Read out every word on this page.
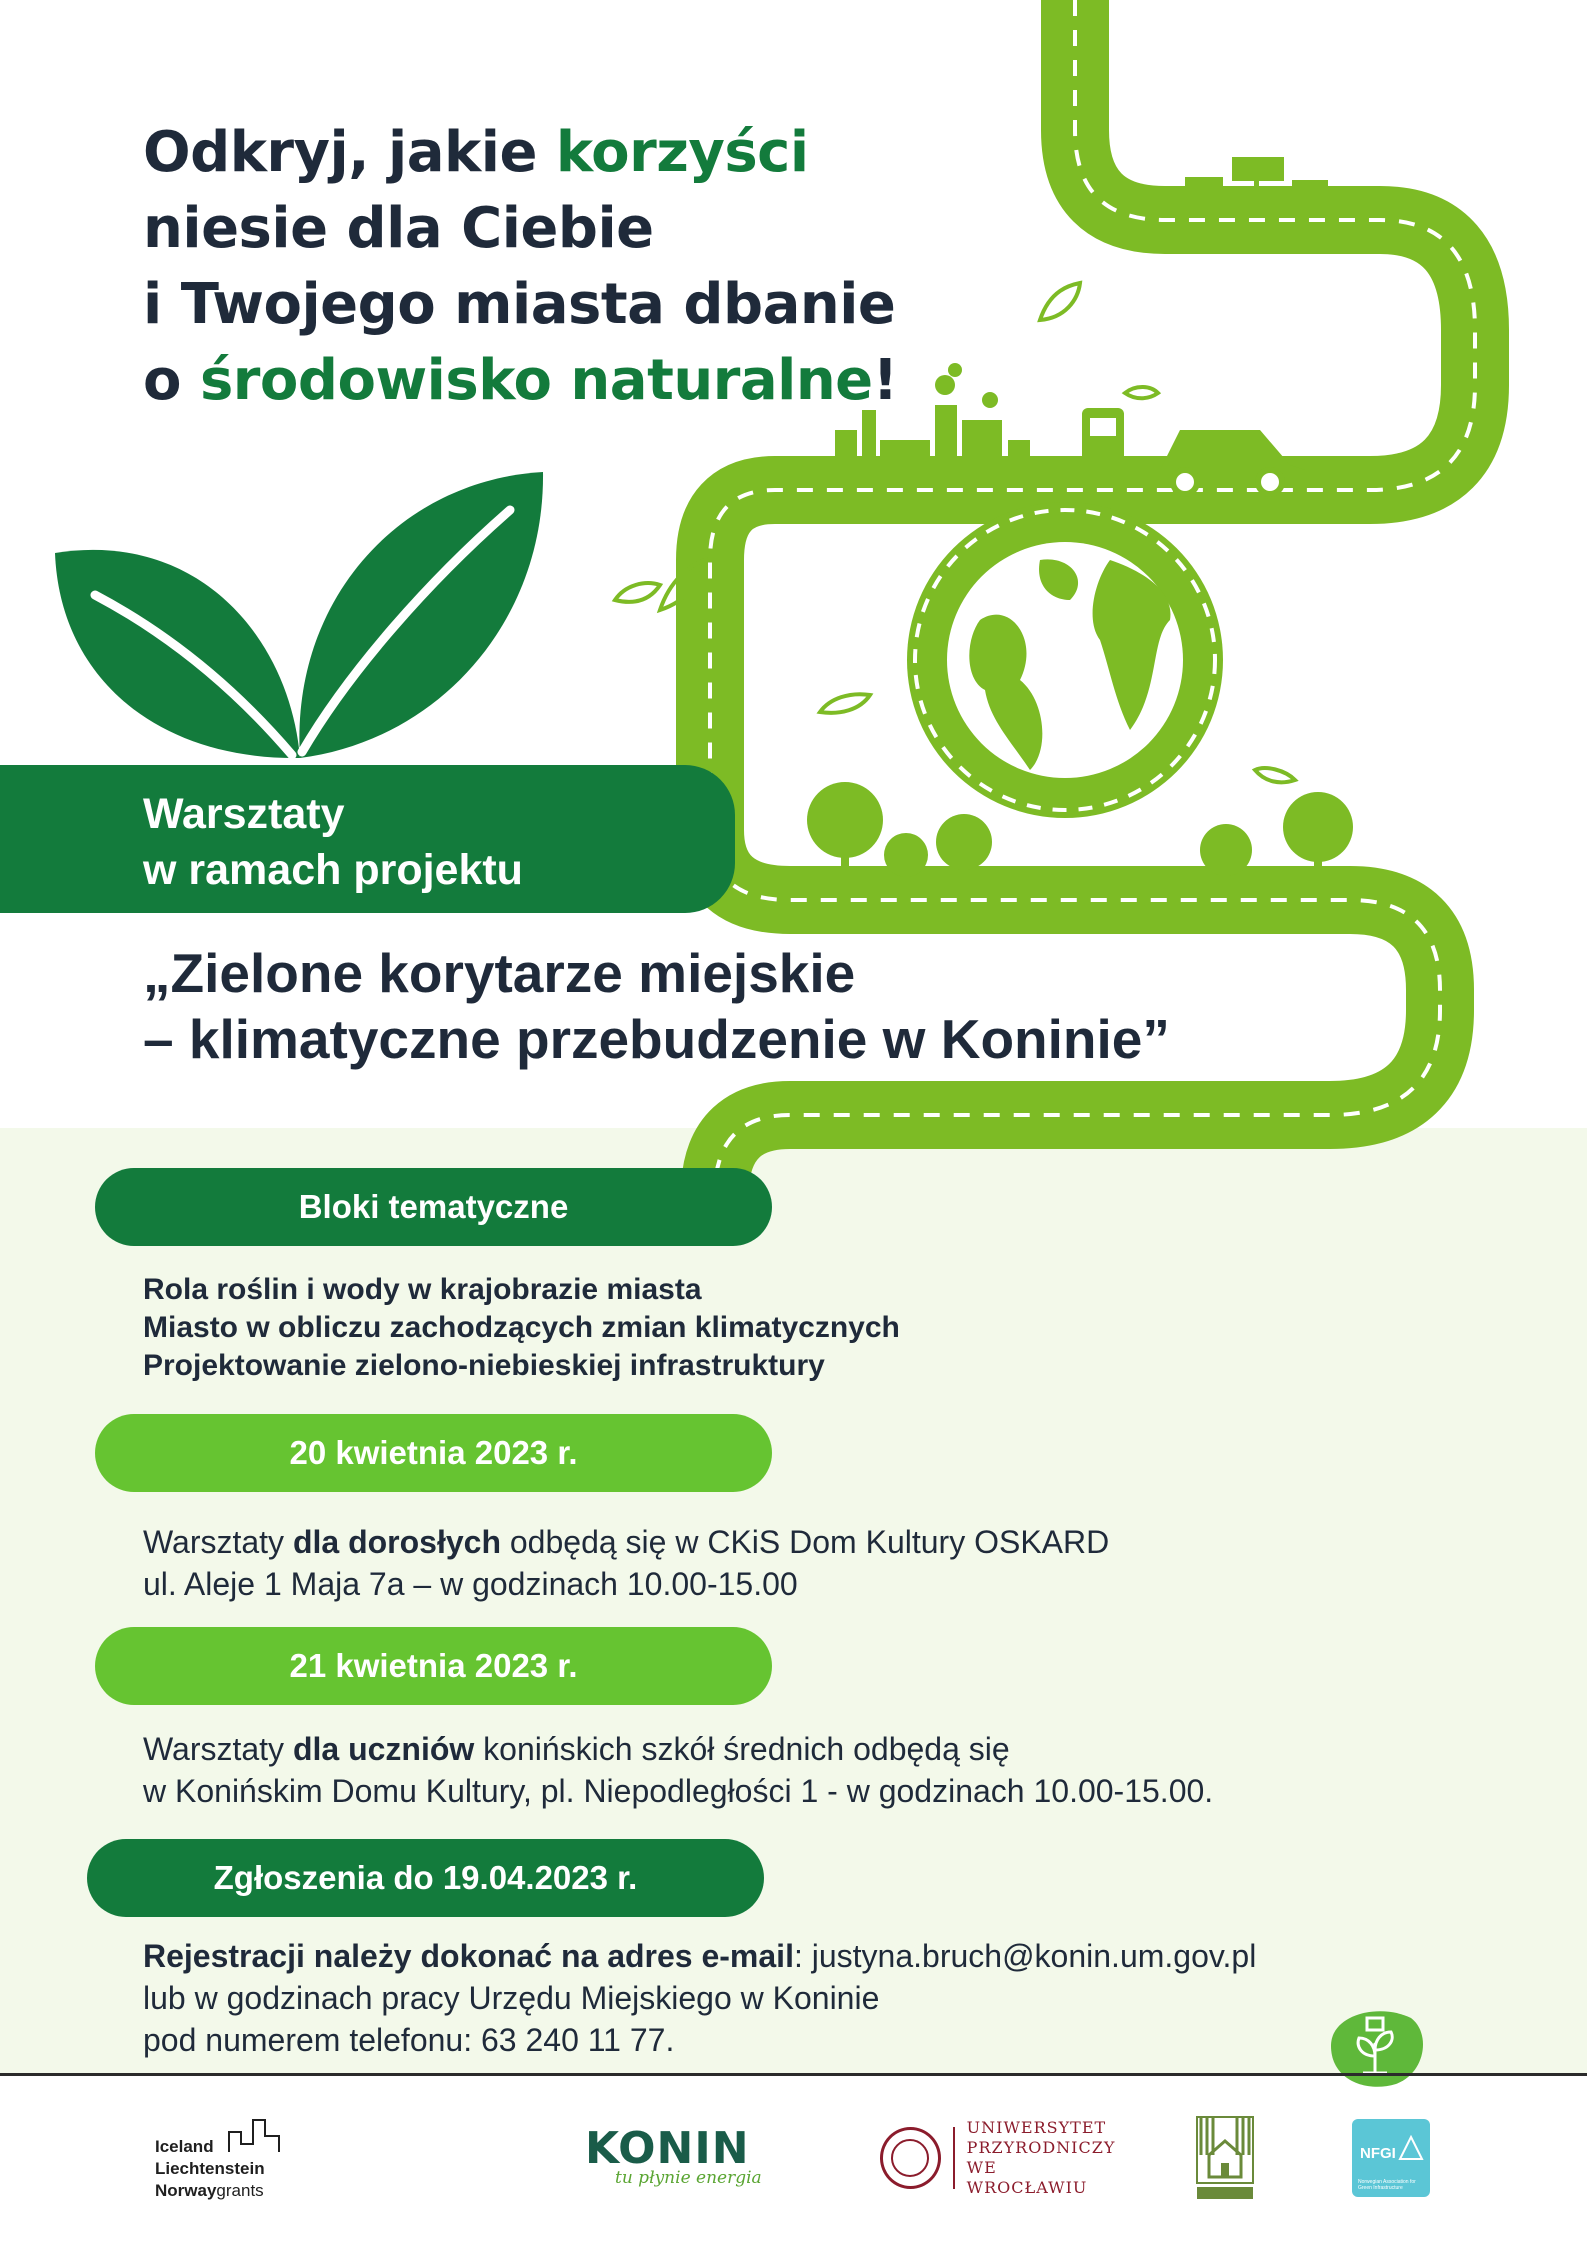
Odkryj, jakie korzyści
niesie dla Ciebie
i Twojego miasta dbanie
o środowisko naturalne!
Warsztaty
w ramach projektu
„Zielone korytarze miejskie
– klimatyczne przebudzenie w Koninie”
Bloki tematyczne
Rola roślin i wody w krajobrazie miasta
Miasto w obliczu zachodzących zmian klimatycznych
Projektowanie zielono-niebieskiej infrastruktury
20 kwietnia 2023 r.
Warsztaty dla dorosłych odbędą się w CKiS Dom Kultury OSKARD
ul. Aleje 1 Maja 7a – w godzinach 10.00-15.00
21 kwietnia 2023 r.
Warsztaty dla uczniów konińskich szkół średnich odbędą się
w Konińskim Domu Kultury, pl. Niepodległości 1 - w godzinach 10.00-15.00.
Zgłoszenia do 19.04.2023 r.
Rejestracji należy dokonać na adres e-mail: justyna.bruch@konin.um.gov.pl
lub w godzinach pracy Urzędu Miejskiego w Koninie
pod numerem telefonu: 63 240 11 77.
Iceland
Liechtenstein
Norwaygrants
KONIN
tu płynie energia
UNIWERSYTET
PRZYRODNICZY
WE WROCŁAWIU
NFGI
Norwegian Association for Green Infrastructure
